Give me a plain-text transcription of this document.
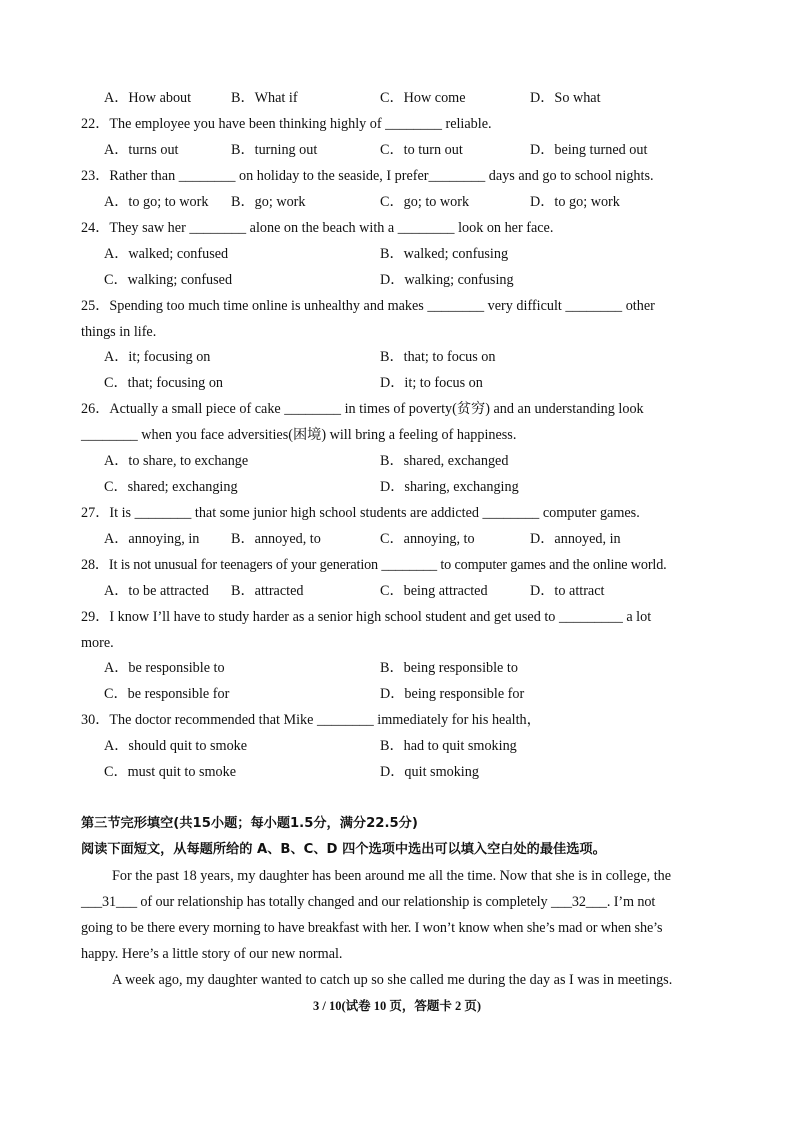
A．How about	B．What if	C．How come	D．So what
22．The employee you have been thinking highly of ________ reliable.
A．turns out	B．turning out	C．to turn out	D．being turned out
23．Rather than ________ on holiday to the seaside, I prefer________ days and go to school nights.
A．to go; to work B．go; work	C．go; to work	D．to go; work
24．They saw her ________ alone on the beach with a ________ look on her face.
A．walked; confused	B．walked; confusing
C．walking; confused	D．walking; confusing
25．Spending too much time online is unhealthy and makes ________ very difficult ________ other
things in life.
A．it; focusing on	B．that; to focus on
C．that; focusing on	D．it; to focus on
26．Actually a small piece of cake ________ in times of poverty(贫穷) and an understanding look
________ when you face adversities(困境) will bring a feeling of happiness.
A．to share, to exchange	B．shared, exchanged
C．shared; exchanging	D．sharing, exchanging
27．It is ________ that some junior high school students are addicted ________ computer games.
A．annoying, in B．annoyed, to	C．annoying, to	D．annoyed, in
28．It is not unusual for teenagers of your generation ________ to computer games and the online world.
A．to be attracted B．attracted	C．being attracted	D．to attract
29．I know I’ll have to study harder as a senior high school student and get used to _________ a lot
more.
A．be responsible to	B．being responsible to
C．be responsible for	D．being responsible for
30．The doctor recommended that Mike ________ immediately for his health，
A．should quit to smoke	B．had to quit smoking
C．must quit to smoke	D．quit smoking
第三节完形填空(共15小题；每小题1.5分，满分22.5分)
阅读下面短文，从每题所给的 A、B、C、D 四个选项中选出可以填入空白处的最佳选项。
For the past 18 years, my daughter has been around me all the time. Now that she is in college, the
___31___ of our relationship has totally changed and our relationship is completely ___32___. I’m not
going to be there every morning to have breakfast with her. I won’t know when she’s mad or when she’s
happy. Here’s a little story of our new normal.
A week ago, my daughter wanted to catch up so she called me during the day as I was in meetings.
3 / 10(试卷 10 页，答题卡 2 页)
